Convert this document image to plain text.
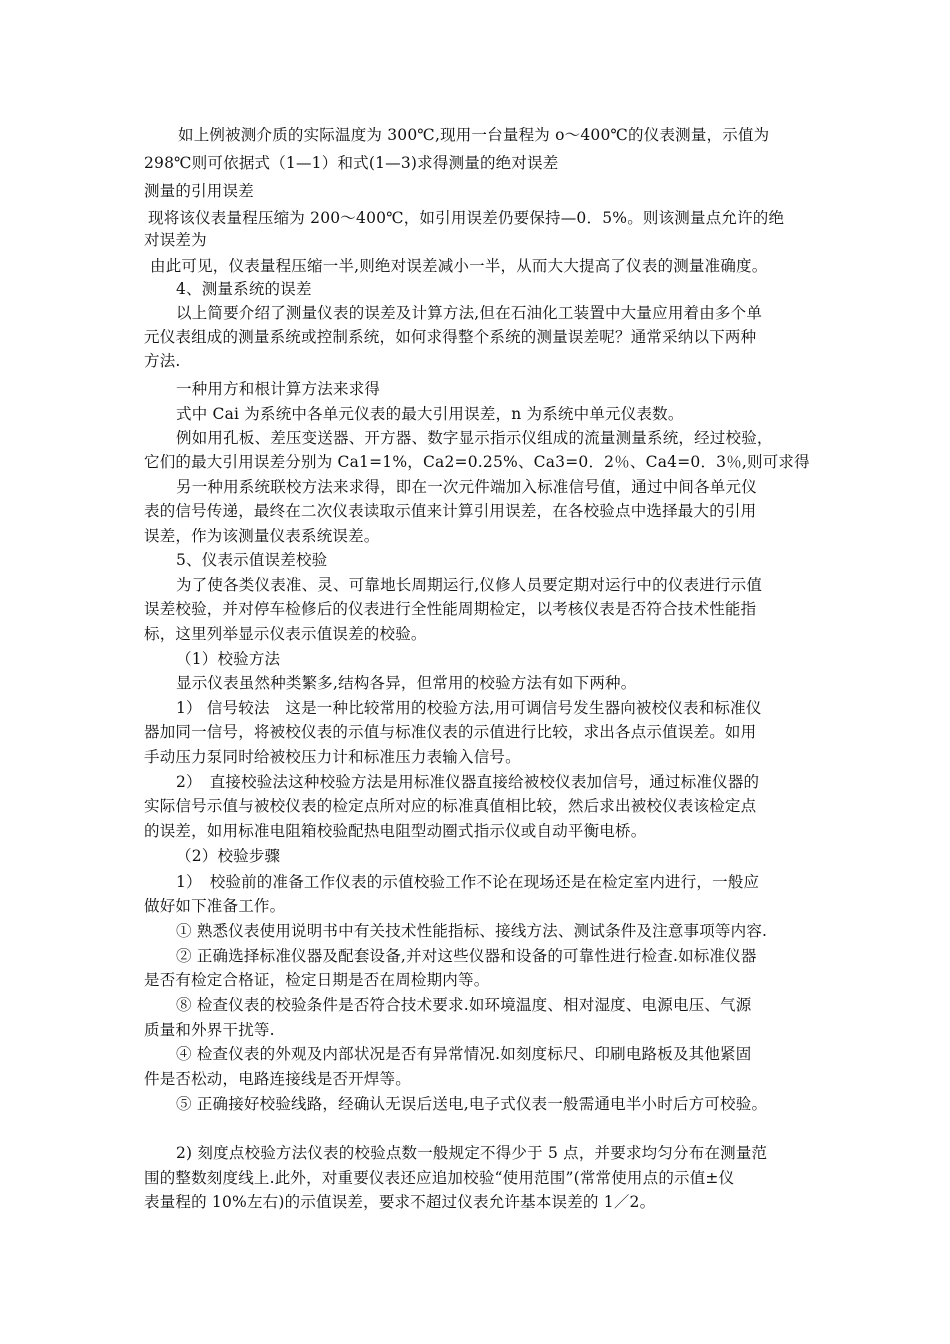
如上例被测介质的实际温度为 300℃,现用一台量程为 o～400℃的仪表测量，示值为
298℃则可依据式（1—1）和式(1—3)求得测量的绝对误差
测量的引用误差
现将该仪表量程压缩为 200～400℃，如引用误差仍要保持—0．5%。则该测量点允许的绝
对误差为
由此可见，仪表量程压缩一半,则绝对误差减小一半，从而大大提高了仪表的测量准确度。
4、测量系统的误差
以上简要介绍了测量仪表的误差及计算方法,但在石油化工装置中大量应用着由多个单
元仪表组成的测量系统或控制系统，如何求得整个系统的测量误差呢？通常采纳以下两种
方法.
一种用方和根计算方法来求得
式中 Cai 为系统中各单元仪表的最大引用误差，n 为系统中单元仪表数。
例如用孔板、差压变送器、开方器、数字显示指示仪组成的流量测量系统，经过校验，
它们的最大引用误差分别为 Ca1=1%，Ca2=0.25%、Ca3=0．2％、Ca4=0．3％,则可求得
另一种用系统联校方法来求得，即在一次元件端加入标准信号值，通过中间各单元仪
表的信号传递，最终在二次仪表读取示值来计算引用误差，在各校验点中选择最大的引用
误差，作为该测量仪表系统误差。
5、仪表示值误差校验
为了使各类仪表准、灵、可靠地长周期运行,仪修人员要定期对运行中的仪表进行示值
误差校验，并对停车检修后的仪表进行全性能周期检定，以考核仪表是否符合技术性能指
标，这里列举显示仪表示值误差的校验。
（1）校验方法
显示仪表虽然种类繁多,结构各异，但常用的校验方法有如下两种。
1） 信号较法　这是一种比较常用的校验方法,用可调信号发生器向被校仪表和标准仪
器加同一信号，将被校仪表的示值与标准仪表的示值进行比较，求出各点示值误差。如用
手动压力泵同时给被校压力计和标准压力表输入信号。
2）　直接校验法这种校验方法是用标准仪器直接给被校仪表加信号，通过标准仪器的
实际信号示值与被校仪表的检定点所对应的标准真值相比较，然后求出被校仪表该检定点
的误差，如用标准电阻箱校验配热电阻型动圈式指示仪或自动平衡电桥。
（2）校验步骤
1）　校验前的准备工作仪表的示值校验工作不论在现场还是在检定室内进行，一般应
做好如下准备工作。
① 熟悉仪表使用说明书中有关技术性能指标、接线方法、测试条件及注意事项等内容.
② 正确选择标准仪器及配套设备,并对这些仪器和设备的可靠性进行检查.如标准仪器
是否有检定合格证，检定日期是否在周检期内等。
⑧ 检查仪表的校验条件是否符合技术要求.如环境温度、相对湿度、电源电压、气源
质量和外界干扰等.
④ 检查仪表的外观及内部状况是否有异常情况.如刻度标尺、印刷电路板及其他紧固
件是否松动，电路连接线是否开焊等。
⑤ 正确接好校验线路，经确认无误后送电,电子式仪表一般需通电半小时后方可校验。
2) 刻度点校验方法仪表的校验点数一般规定不得少于 5 点，并要求均匀分布在测量范
围的整数刻度线上.此外，对重要仪表还应追加校验“使用范围”(常常使用点的示值±仪
表量程的 10%左右)的示值误差，要求不超过仪表允许基本误差的 1／2。
